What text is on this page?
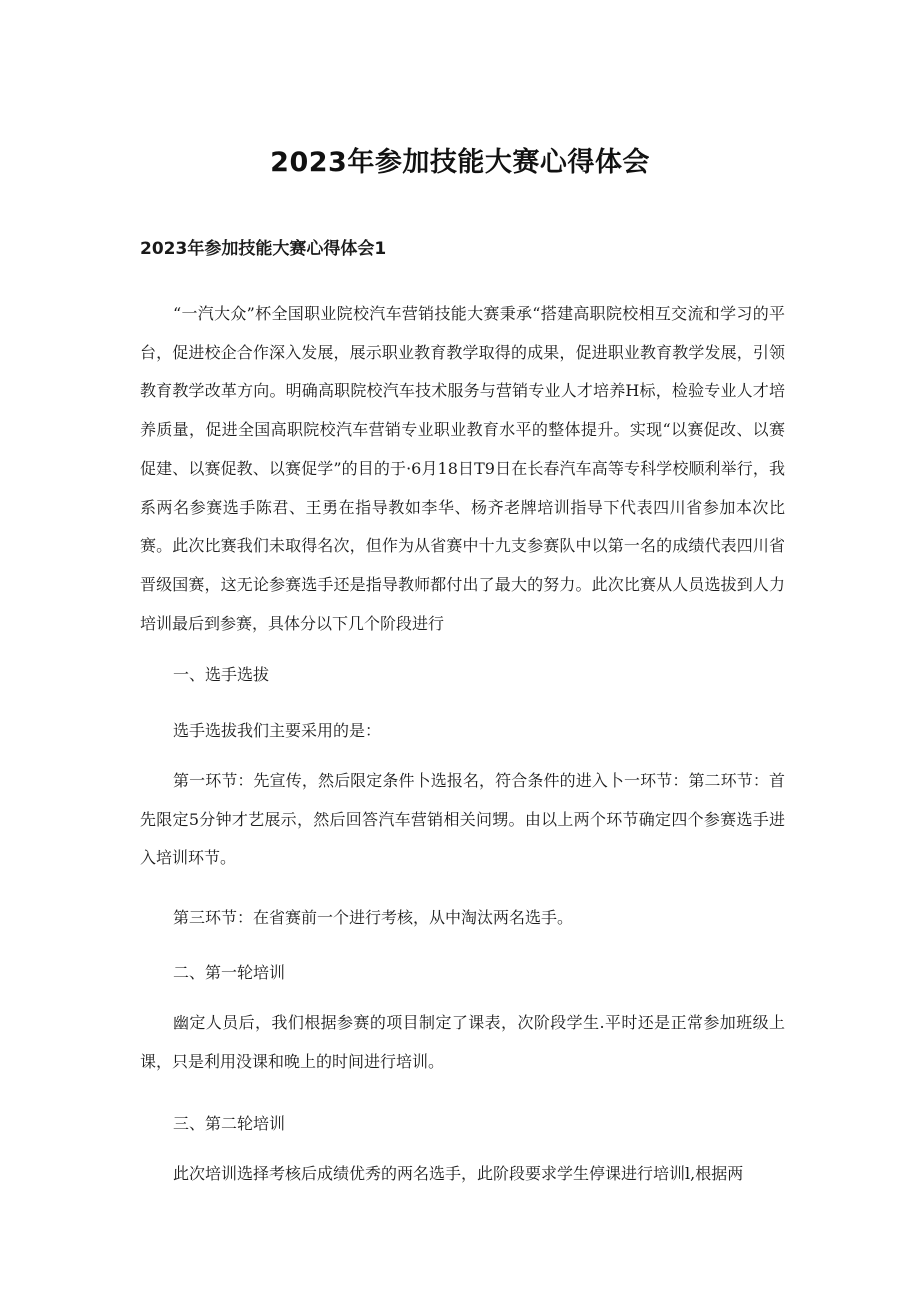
2023年参加技能大赛心得体会
2023年参加技能大赛心得体会1

“一汽大众”杯全国职业院校汽车营销技能大赛秉承“搭建高职院校相互交流和学习的平台，促进校企合作深入发展，展示职业教育教学取得的成果，促进职业教育教学发展，引领教育教学改革方向。明确高职院校汽车技术服务与营销专业人才培养H标，检验专业人才培养质量，促进全国高职院校汽车营销专业职业教育水平的整体提升。实现“以赛促改、以赛促建、以赛促教、以赛促学”的目的于·6月18日T9日在长春汽车高等专科学校顺利举行，我系两名参赛选手陈君、王勇在指导教如李华、杨齐老牌培训指导下代表四川省参加本次比赛。此次比赛我们未取得名次，但作为从省赛中十九支参赛队中以第一名的成绩代表四川省晋级国赛，这无论参赛选手还是指导教师都付出了最大的努力。此次比赛从人员选拔到人力培训最后到参赛，具体分以下几个阶段进行

一、选手选拔

选手选拔我们主要采用的是：

第一环节：先宣传，然后限定条件卜选报名，符合条件的进入卜一环节：第二环节：首先限定5分钟才艺展示，然后回答汽车营销相关问甥。由以上两个环节确定四个参赛选手进入培训环节。

第三环节：在省赛前一个进行考核，从中淘汰两名选手。

二、第一轮培训

幽定人员后，我们根据参赛的项目制定了课表，次阶段学生.平时还是正常参加班级上课，只是利用没课和晚上的时间进行培训。

三、第二轮培训

此次培训选择考核后成绩优秀的两名选手，此阶段要求学生停课进行培训l,根据两
